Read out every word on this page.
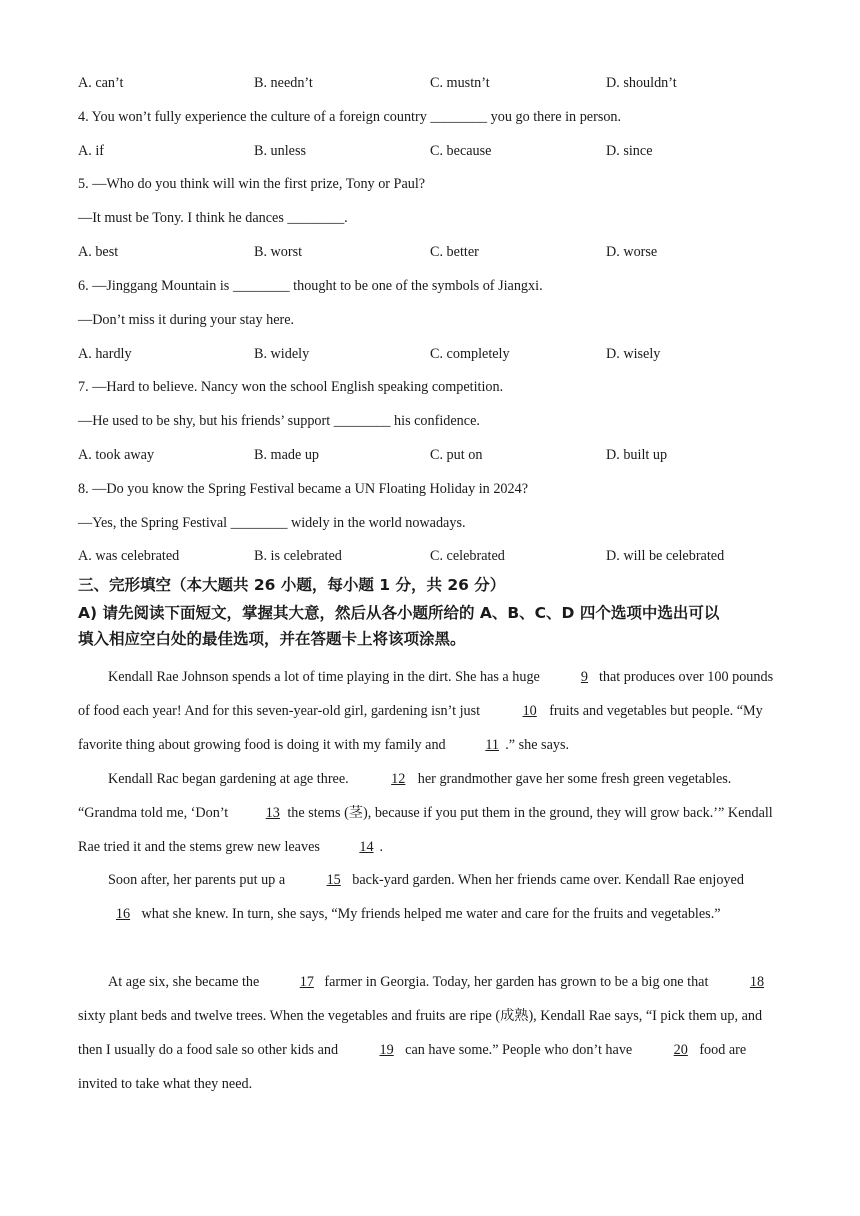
A. can’t	B. needn’t	C. mustn’t	D. shouldn’t
4. You won’t fully experience the culture of a foreign country ________ you go there in person.
A. if	B. unless	C. because	D. since
5. —Who do you think will win the first prize, Tony or Paul?
—It must be Tony. I think he dances ________.
A. best	B. worst	C. better	D. worse
6. —Jinggang Mountain is ________ thought to be one of the symbols of Jiangxi.
—Don’t miss it during your stay here.
A. hardly	B. widely	C. completely	D. wisely
7. —Hard to believe. Nancy won the school English speaking competition.
—He used to be shy, but his friends’ support ________ his confidence.
A. took away	B. made up	C. put on	D. built up
8. —Do you know the Spring Festival became a UN Floating Holiday in 2024?
—Yes, the Spring Festival ________ widely in the world nowadays.
A. was celebrated	B. is celebrated	C. celebrated	D. will be celebrated
三、完形填空（本大题共 26 小题，每小题 1 分，共 26 分）
A) 请先阅读下面短文，掌握其大意，然后从各小题所给的 A、B、C、D 四个选项中选出可以
填入相应空白处的最佳选项，并在答题卡上将该项涂黑。
Kendall Rae Johnson spends a lot of time playing in the dirt. She has a huge	9 that produces over 100 pounds of food each year! And for this seven-year-old girl, gardening isn’t just	10 fruits and vegetables but people. “My favorite thing about growing food is doing it with my family and	11 .” she says.
Kendall Rac began gardening at age three.	12 her grandmother gave her some fresh green vegetables. “Grandma told me, ‘Don’t 13 the stems (茎), because if you put them in the ground, they will grow back.’” Kendall Rae tried it and the stems grew new leaves	14 .
Soon after, her parents put up a	15 back-yard garden. When her friends came over. Kendall Rae enjoyed 16 what she knew. In turn, she says, “My friends helped me water and care for the fruits and vegetables.”
At age six, she became the	17 farmer in Georgia. Today, her garden has grown to be a big one that	18 sixty plant beds and twelve trees. When the vegetables and fruits are ripe (成熟), Kendall Rae says, “I pick them up, and then I usually do a food sale so other kids and	19 can have some.” People who don’t have	20 food are invited to take what they need.
